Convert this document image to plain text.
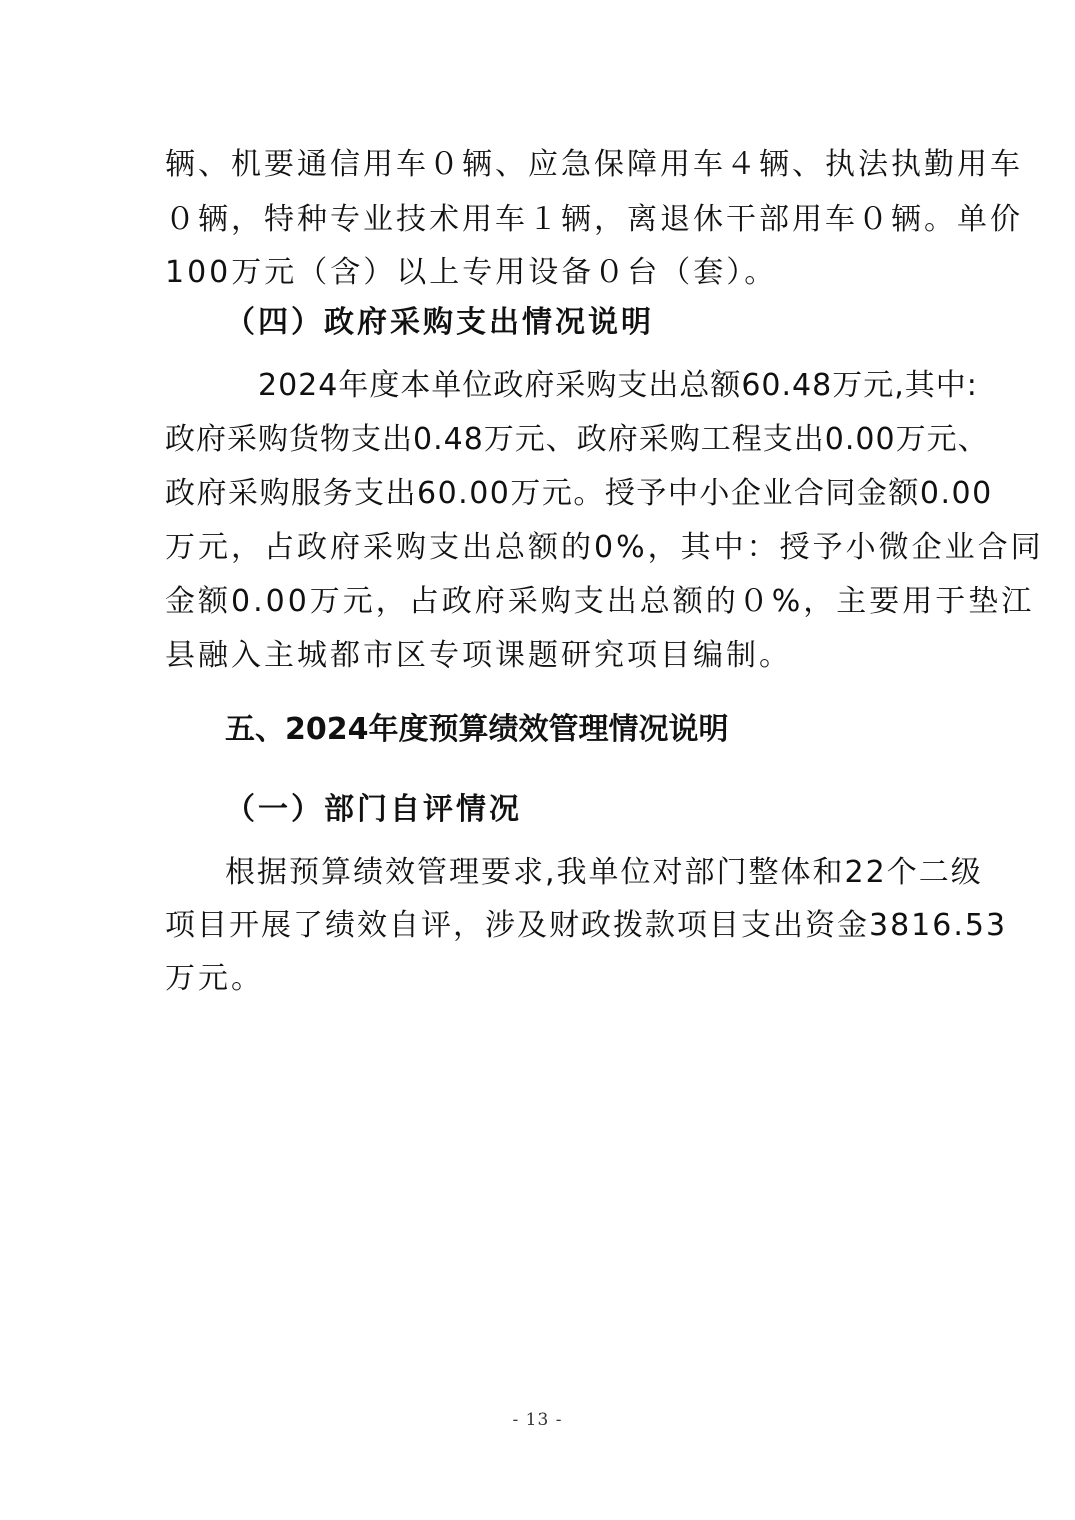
辆、机要通信用车０辆、应急保障用车４辆、执法执勤用车
０辆，特种专业技术用车１辆，离退休干部用车０辆。单价
100万元（含）以上专用设备０台（套）。
（四）政府采购支出情况说明
2024年度本单位政府采购支出总额60.48万元,其中:
政府采购货物支出0.48万元、政府采购工程支出0.00万元、
政府采购服务支出60.00万元。授予中小企业合同金额0.00
万元，占政府采购支出总额的0%，其中：授予小微企业合同
金额0.00万元，占政府采购支出总额的０%，主要用于垫江
县融入主城都市区专项课题研究项目编制。
五、2024年度预算绩效管理情况说明
（一）部门自评情况
根据预算绩效管理要求,我单位对部门整体和22个二级
项目开展了绩效自评，涉及财政拨款项目支出资金3816.53
万元。
- 13 -
